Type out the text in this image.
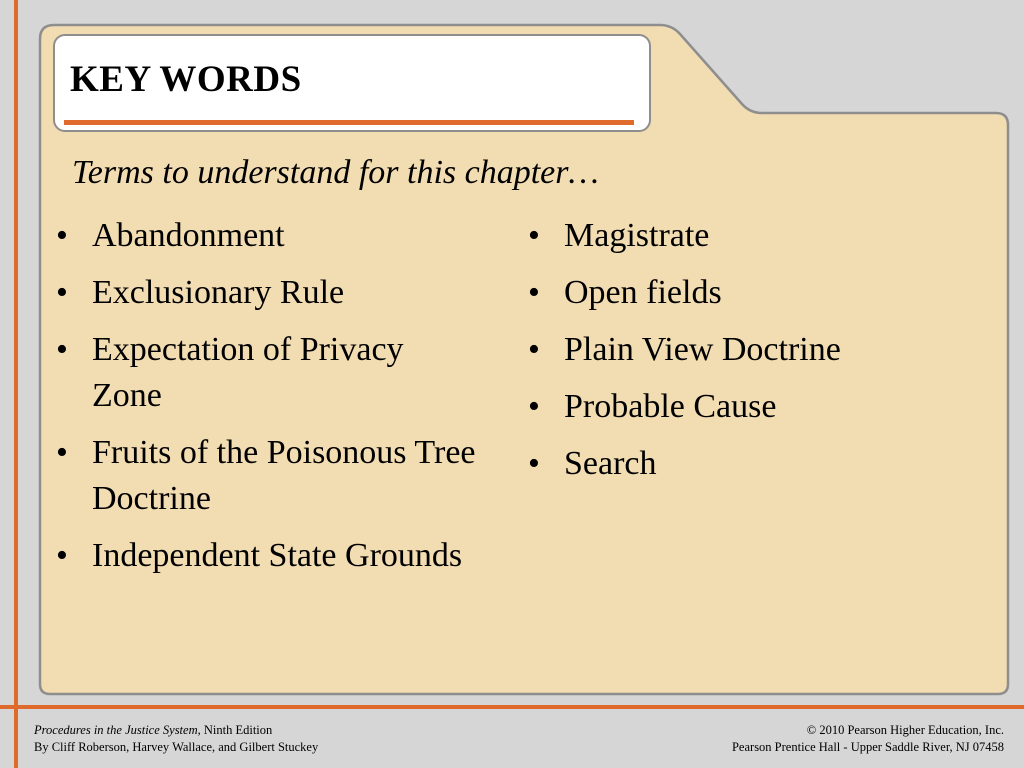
KEY WORDS
Terms to understand for this chapter…
• Abandonment
• Exclusionary Rule
• Expectation of Privacy Zone
• Fruits of the Poisonous Tree Doctrine
• Independent State Grounds
• Magistrate
• Open fields
• Plain View Doctrine
• Probable Cause
• Search
Procedures in the Justice System, Ninth Edition
By Cliff Roberson, Harvey Wallace, and Gilbert Stuckey
© 2010 Pearson Higher Education, Inc.
Pearson Prentice Hall - Upper Saddle River, NJ 07458
